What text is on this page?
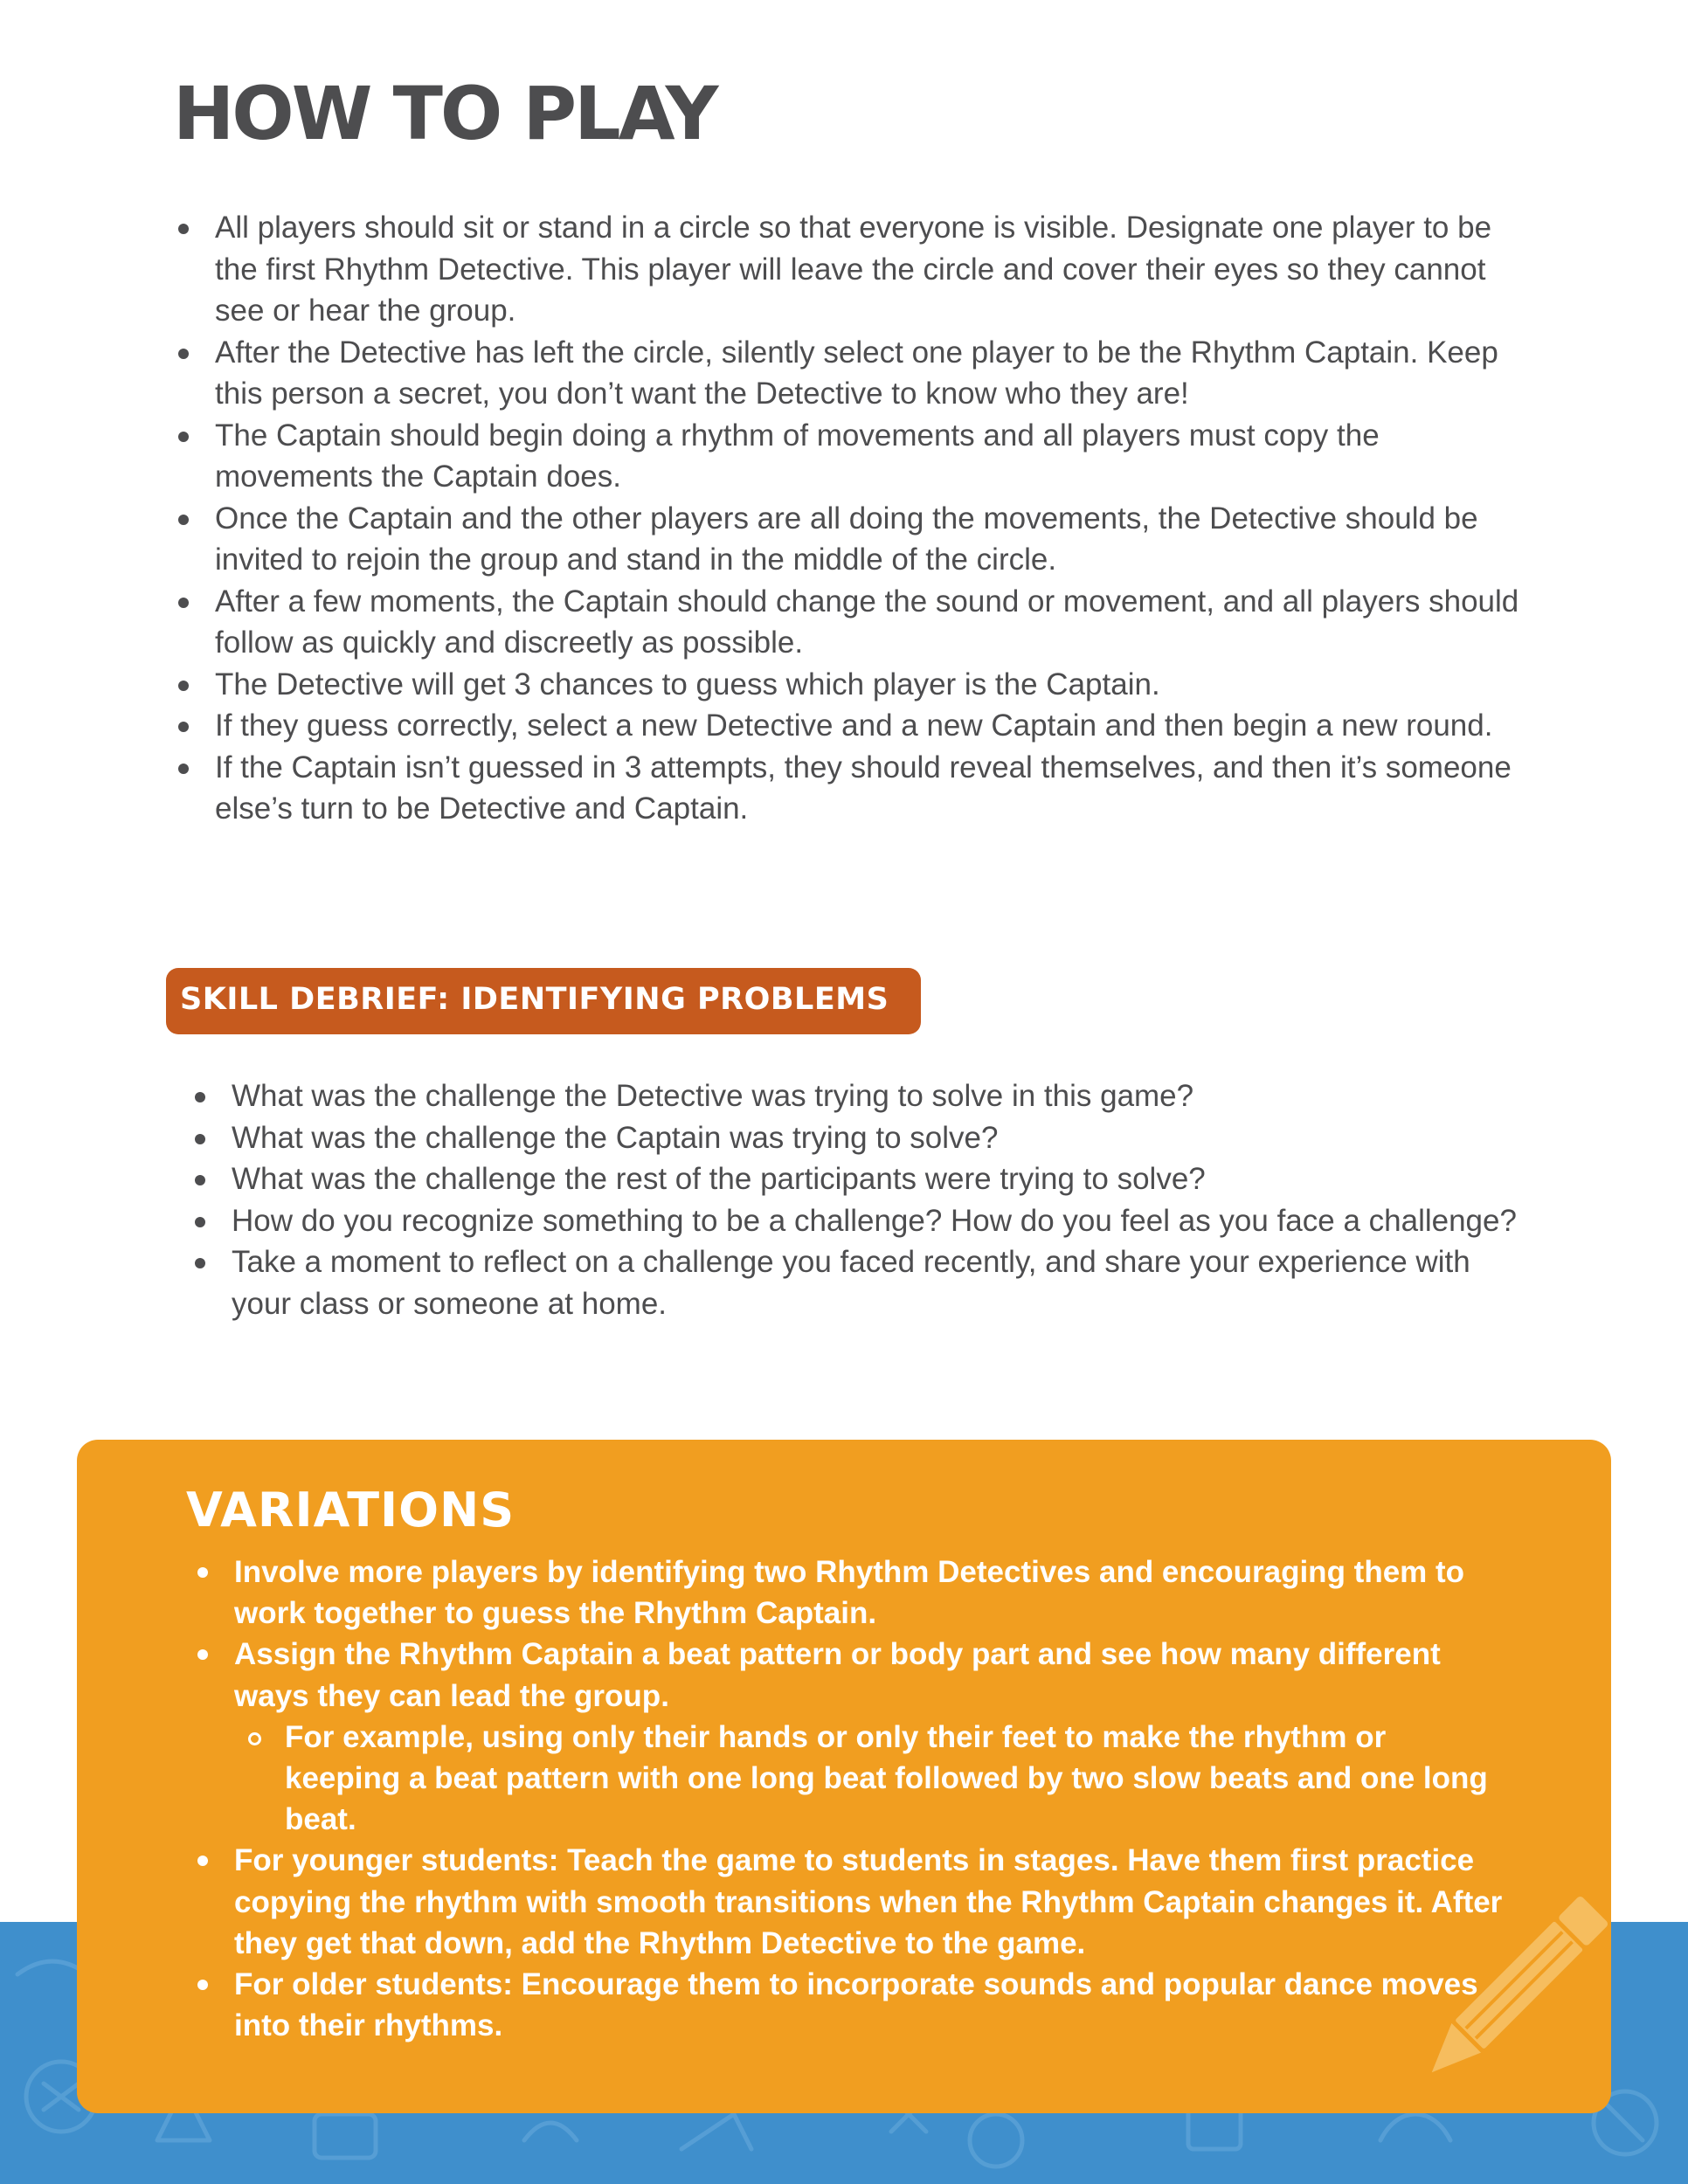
HOW TO PLAY
All players should sit or stand in a circle so that everyone is visible. Designate one player to be the first Rhythm Detective. This player will leave the circle and cover their eyes so they cannot see or hear the group.
After the Detective has left the circle, silently select one player to be the Rhythm Captain. Keep this person a secret, you don’t want the Detective to know who they are!
The Captain should begin doing a rhythm of movements and all players must copy the movements the Captain does.
Once the Captain and the other players are all doing the movements, the Detective should be invited to rejoin the group and stand in the middle of the circle.
After a few moments, the Captain should change the sound or movement, and all players should follow as quickly and discreetly as possible.
The Detective will get 3 chances to guess which player is the Captain.
If they guess correctly, select a new Detective and a new Captain and then begin a new round.
If the Captain isn’t guessed in 3 attempts, they should reveal themselves, and then it’s someone else’s turn to be Detective and Captain.
SKILL DEBRIEF: IDENTIFYING PROBLEMS
What was the challenge the Detective was trying to solve in this game?
What was the challenge the Captain was trying to solve?
What was the challenge the rest of the participants were trying to solve?
How do you recognize something to be a challenge? How do you feel as you face a challenge?
Take a moment to reflect on a challenge you faced recently, and share your experience with your class or someone at home.
VARIATIONS
Involve more players by identifying two Rhythm Detectives and encouraging them to work together to guess the Rhythm Captain.
Assign the Rhythm Captain a beat pattern or body part and see how many different ways they can lead the group.
For example, using only their hands or only their feet to make the rhythm or keeping a beat pattern with one long beat followed by two slow beats and one long beat.
For younger students: Teach the game to students in stages. Have them first practice copying the rhythm with smooth transitions when the Rhythm Captain changes it. After they get that down, add the Rhythm Detective to the game.
For older students: Encourage them to incorporate sounds and popular dance moves into their rhythms.
